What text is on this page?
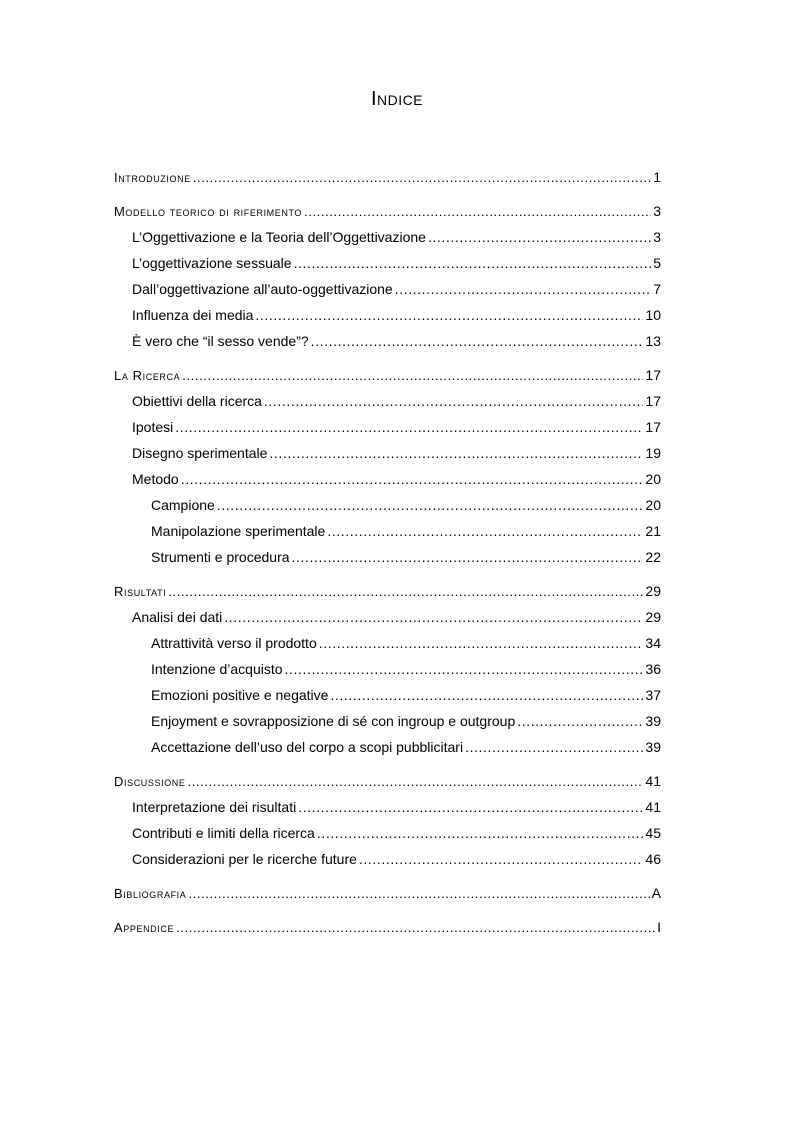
Indice
Introduzione .....	1
Modello teorico di riferimento .....	3
L’Oggettivazione e la Teoria dell’Oggettivazione .....	3
L’oggettivazione sessuale .....	5
Dall’oggettivazione all’auto-oggettivazione .....	7
Influenza dei media .....	10
È vero che “il sesso vende”? .....	13
La Ricerca .....	17
Obiettivi della ricerca .....	17
Ipotesi .....	17
Disegno sperimentale .....	19
Metodo .....	20
Campione .....	20
Manipolazione sperimentale .....	21
Strumenti e procedura .....	22
Risultati .....	29
Analisi dei dati .....	29
Attrattività verso il prodotto .....	34
Intenzione d’acquisto .....	36
Emozioni positive e negative .....	37
Enjoyment e sovrapposizione di sé con ingroup e outgroup .....	39
Accettazione dell’uso del corpo a scopi pubblicitari .....	39
Discussione .....	41
Interpretazione dei risultati .....	41
Contributi e limiti della ricerca .....	45
Considerazioni per le ricerche future .....	46
Bibliografia .....	A
Appendice .....	I
